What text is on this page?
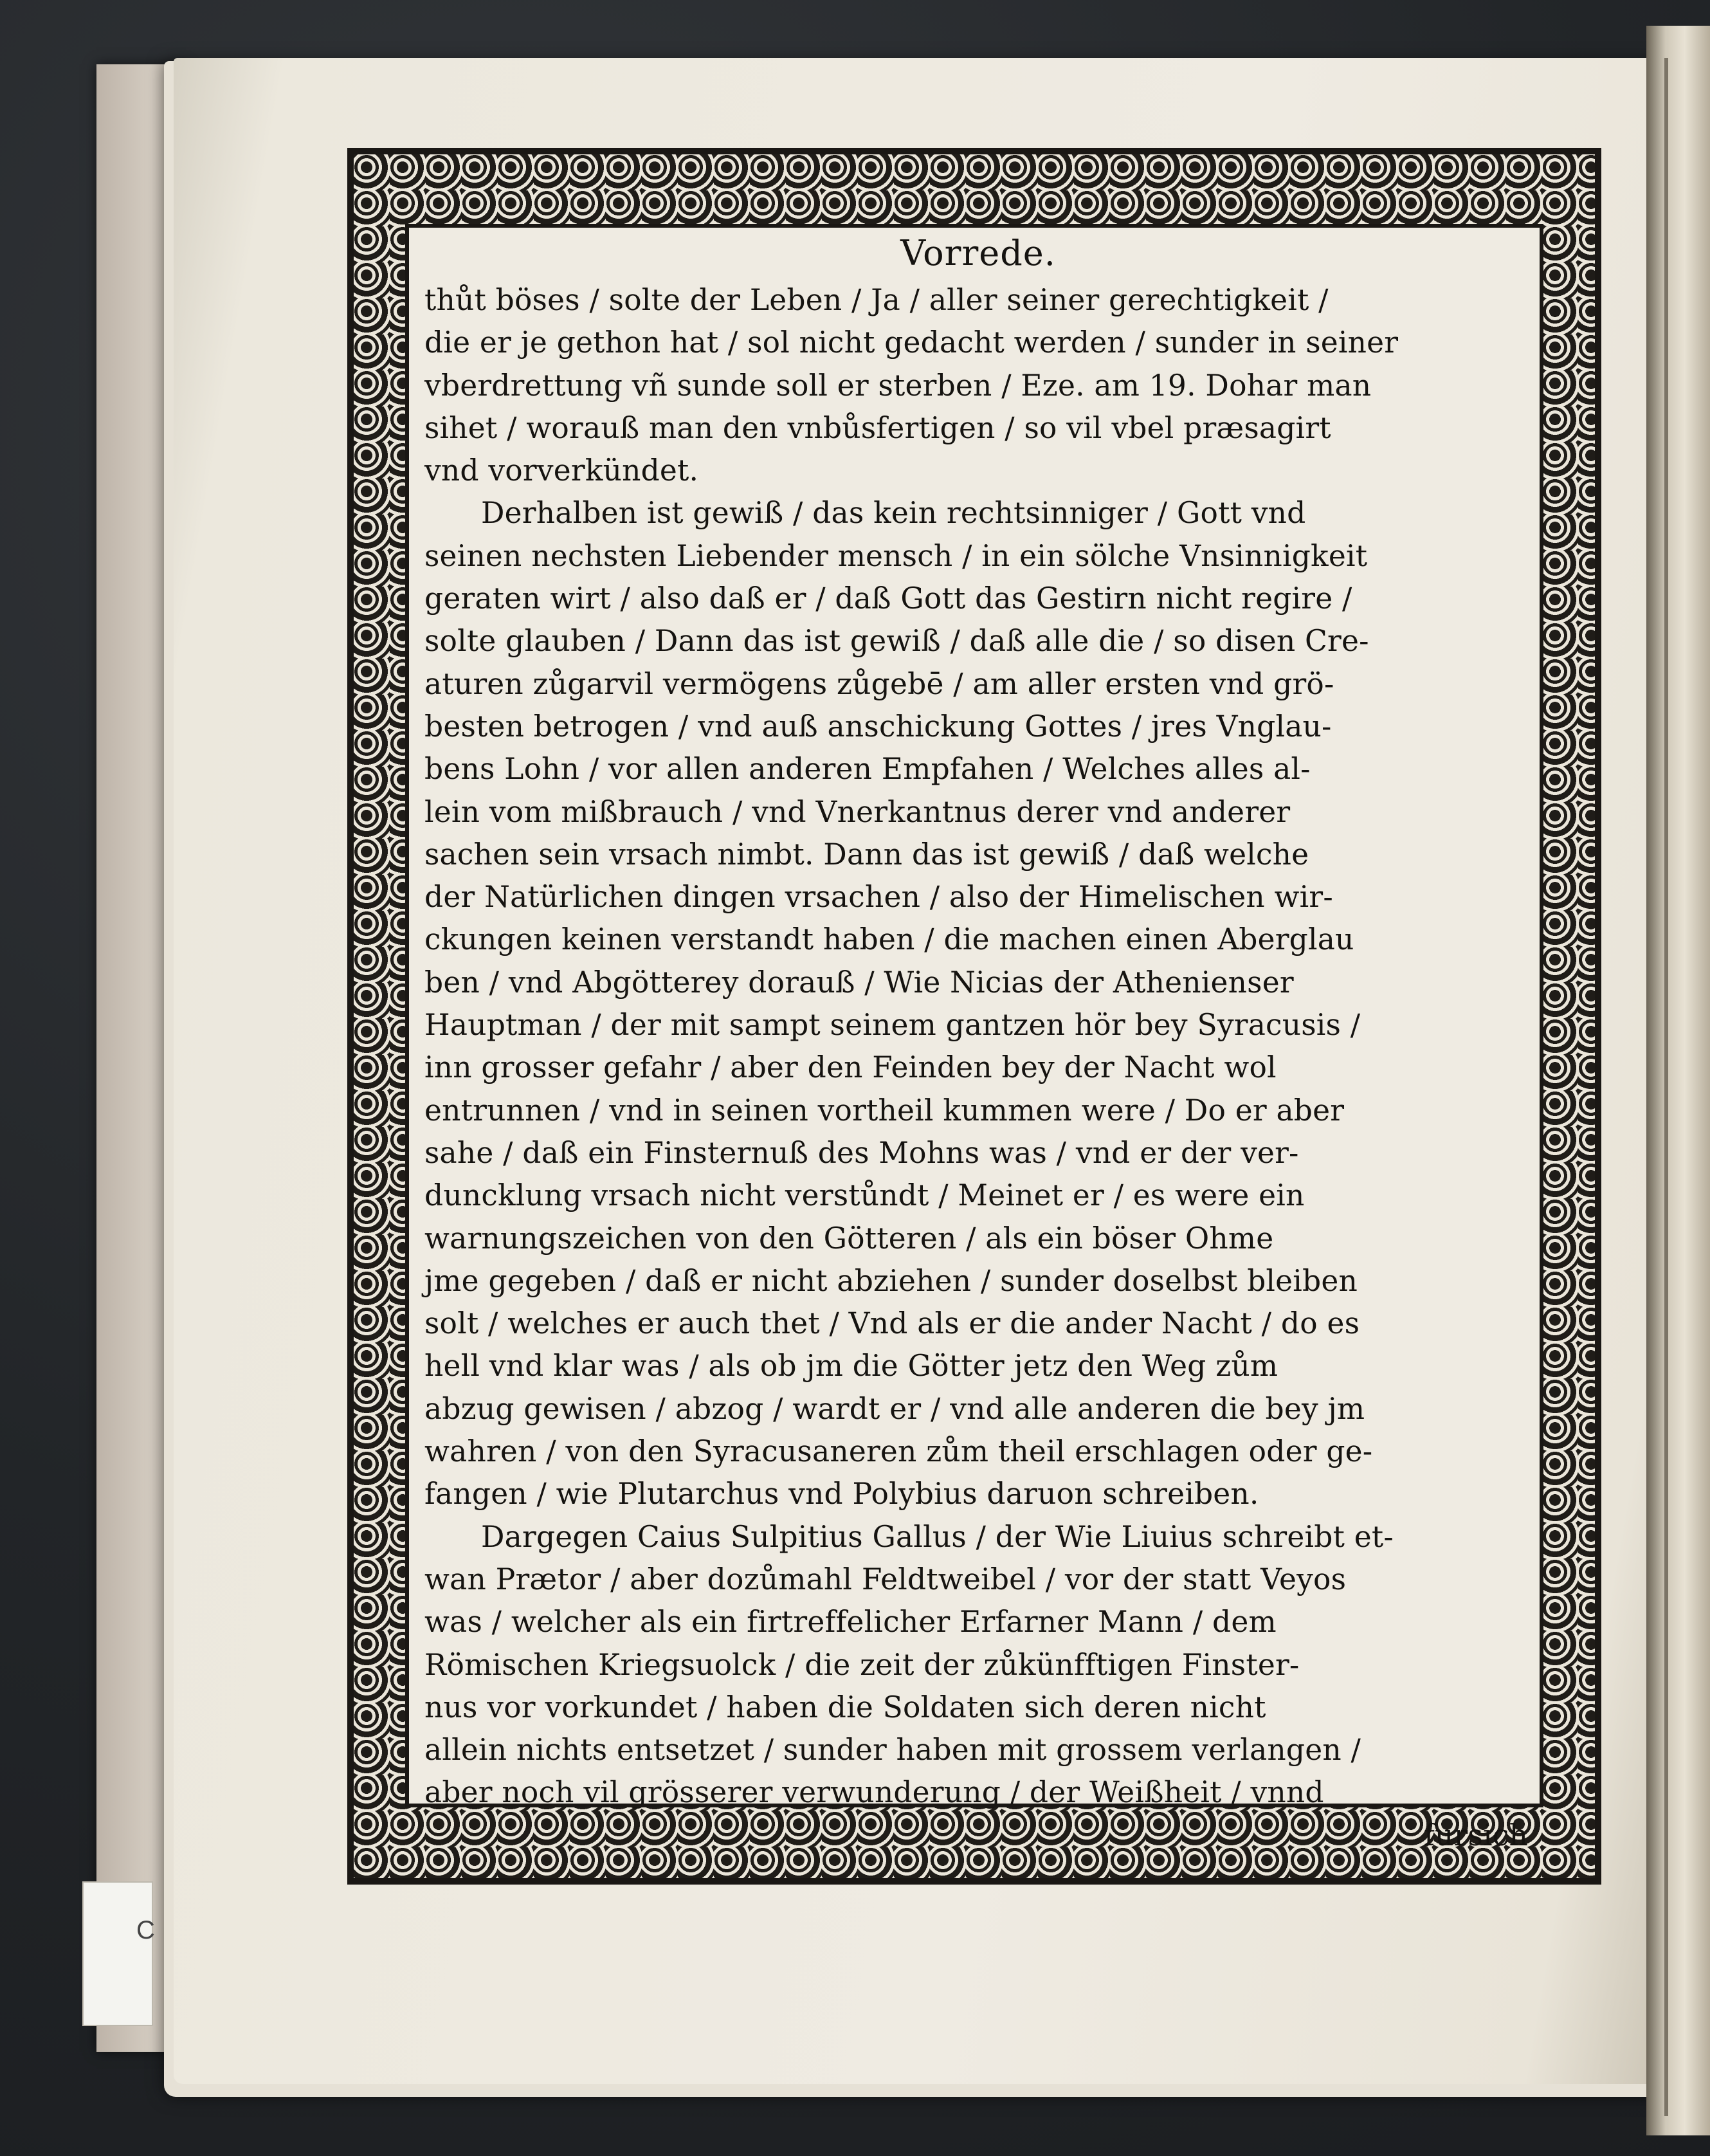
C
Vorrede.
thůt böses / solte der Leben / Ja / aller seiner gerechtigkeit /
die er je gethon hat / sol nicht gedacht werden / sunder in seiner
vberdrettung vñ sunde soll er sterben / Eze. am 19. Dohar man
sihet / worauß man den vnbůsfertigen / so vil vbel præsagirt
vnd vorverkündet.
Derhalben ist gewiß / das kein rechtsinniger / Gott vnd
seinen nechsten Liebender mensch / in ein sölche Vnsinnigkeit
geraten wirt / also daß er / daß Gott das Gestirn nicht regire /
solte glauben / Dann das ist gewiß / daß alle die / so disen Cre-
aturen zůgarvil vermögens zůgebē / am aller ersten vnd grö-
besten betrogen / vnd auß anschickung Gottes / jres Vnglau-
bens Lohn / vor allen anderen Empfahen / Welches alles al-
lein vom mißbrauch / vnd Vnerkantnus derer vnd anderer
sachen sein vrsach nimbt. Dann das ist gewiß / daß welche
der Natürlichen dingen vrsachen / also der Himelischen wir-
ckungen keinen verstandt haben / die machen einen Aberglau
ben / vnd Abgötterey dorauß / Wie Nicias der Athenienser
Hauptman / der mit sampt seinem gantzen hör bey Syracusis /
inn grosser gefahr / aber den Feinden bey der Nacht wol
entrunnen / vnd in seinen vortheil kummen were / Do er aber
sahe / daß ein Finsternuß des Mohns was / vnd er der ver-
duncklung vrsach nicht verstůndt / Meinet er / es were ein
warnungszeichen von den Götteren / als ein böser Ohme
jme gegeben / daß er nicht abziehen / sunder doselbst bleiben
solt / welches er auch thet / Vnd als er die ander Nacht / do es
hell vnd klar was / als ob jm die Götter jetz den Weg zům
abzug gewisen / abzog / wardt er / vnd alle anderen die bey jm
wahren / von den Syracusaneren zům theil erschlagen oder ge-
fangen / wie Plutarchus vnd Polybius daruon schreiben.
Dargegen Caius Sulpitius Gallus / der Wie Liuius schreibt et-
wan Prætor / aber dozůmahl Feldtweibel / vor der statt Veyos
was / welcher als ein firtreffelicher Erfarner Mann / dem
Römischen Kriegsuolck / die zeit der zůkünfftigen Finster-
nus vor vorkundet / haben die Soldaten sich deren nicht
allein nichts entsetzet / sunder haben mit grossem verlangen /
aber noch vil grösserer verwunderung / der Weißheit / vnnd
fursich
